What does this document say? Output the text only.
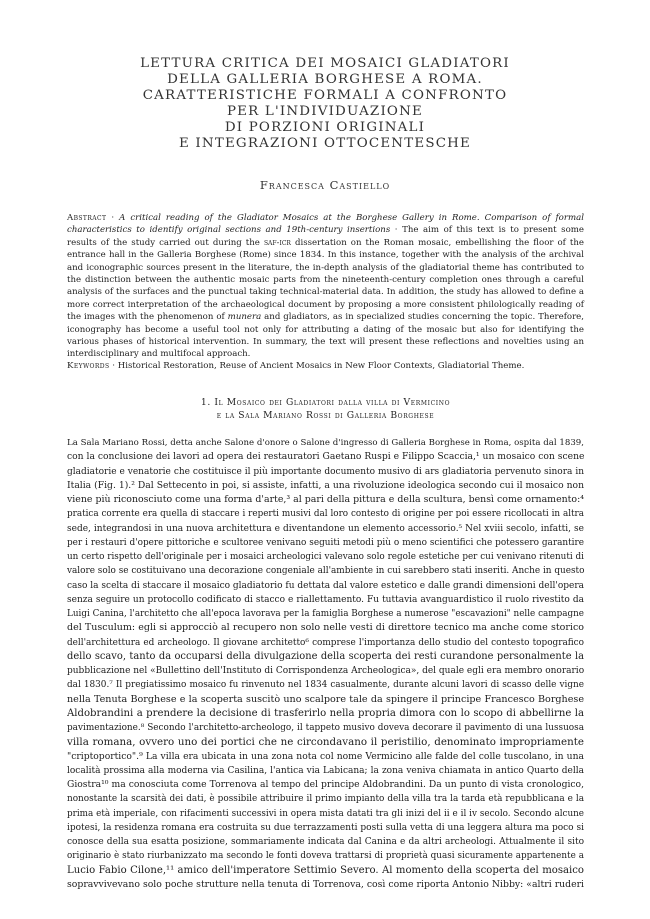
LETTURA CRITICA DEI MOSAICI GLADIATORI
DELLA GALLERIA BORGHESE A ROMA.
CARATTERISTICHE FORMALI A CONFRONTO
PER L'INDIVIDUAZIONE
DI PORZIONI ORIGINALI
E INTEGRAZIONI OTTOCENTESCHE
Francesca Castiello
Abstract · A critical reading of the Gladiator Mosaics at the Borghese Gallery in Rome. Comparison of formal characteristics to identify original sections and 19th-century insertions · The aim of this text is to present some results of the study carried out during the saf-icr dissertation on the Roman mosaic, embellishing the floor of the entrance hall in the Galleria Borghese (Rome) since 1834. In this instance, together with the analysis of the archival and iconographic sources present in the literature, the in-depth analysis of the gladiatorial theme has contributed to the distinction between the authentic mosaic parts from the nineteenth-century completion ones through a careful analysis of the surfaces and the punctual taking technical-material data. In addition, the study has allowed to define a more correct interpretation of the archaeological document by proposing a more consistent philologically reading of the images with the phenomenon of munera and gladiators, as in specialized studies concerning the topic. Therefore, iconography has become a useful tool not only for attributing a dating of the mosaic but also for identifying the various phases of historical intervention. In summary, the text will present these reflections and novelties using an interdisciplinary and multifocal approach.
Keywords · Historical Restoration, Reuse of Ancient Mosaics in New Floor Contexts, Gladiatorial Theme.
1. Il Mosaico dei Gladiatori dalla villa di Vermicino
e la Sala Mariano Rossi di Galleria Borghese
La Sala Mariano Rossi, detta anche Salone d'onore o Salone d'ingresso di Galleria Borghese in Roma, ospita dal 1839,
con la conclusione dei lavori ad opera dei restauratori Gaetano Ruspi e Filippo Scaccia,¹ un mosaico con scene
gladiatorie e venatorie che costituisce il più importante documento musivo di ars gladiatoria pervenuto sinora in
Italia (Fig. 1).² Dal Settecento in poi, si assiste, infatti, a una rivoluzione ideologica secondo cui il mosaico non
viene più riconosciuto come una forma d'arte,³ al pari della pittura e della scultura, bensì come ornamento:⁴
pratica corrente era quella di staccare i reperti musivi dal loro contesto di origine per poi essere ricollocati in altra
sede, integrandosi in una nuova architettura e diventandone un elemento accessorio.⁵ Nel xviii secolo, infatti, se
per i restauri d'opere pittoriche e scultoree venivano seguiti metodi più o meno scientifici che potessero garantire
un certo rispetto dell'originale per i mosaici archeologici valevano solo regole estetiche per cui venivano ritenuti di
valore solo se costituivano una decorazione congeniale all'ambiente in cui sarebbero stati inseriti. Anche in questo
caso la scelta di staccare il mosaico gladiatorio fu dettata dal valore estetico e dalle grandi dimensioni dell'opera
senza seguire un protocollo codificato di stacco e riallettamento. Fu tuttavia avanguardistico il ruolo rivestito da
Luigi Canina, l'architetto che all'epoca lavorava per la famiglia Borghese a numerose "escavazioni" nelle campagne
del Tusculum: egli si approcciò al recupero non solo nelle vesti di direttore tecnico ma anche come storico
dell'architettura ed archeologo. Il giovane architetto⁶ comprese l'importanza dello studio del contesto topografico
dello scavo, tanto da occuparsi della divulgazione della scoperta dei resti curandone personalmente la
pubblicazione nel «Bullettino dell'Instituto di Corrispondenza Archeologica», del quale egli era membro onorario
dal 1830.⁷ Il pregiatissimo mosaico fu rinvenuto nel 1834 casualmente, durante alcuni lavori di scasso delle vigne
nella Tenuta Borghese e la scoperta suscitò uno scalpore tale da spingere il principe Francesco Borghese
Aldobrandini a prendere la decisione di trasferirlo nella propria dimora con lo scopo di abbellirne la
pavimentazione.⁸ Secondo l'architetto-archeologo, il tappeto musivo doveva decorare il pavimento di una lussuosa
villa romana, ovvero uno dei portici che ne circondavano il peristilio, denominato impropriamente
"criptoportico".⁹ La villa era ubicata in una zona nota col nome Vermicino alle falde del colle tuscolano, in una
località prossima alla moderna via Casilina, l'antica via Labicana; la zona veniva chiamata in antico Quarto della
Giostra¹⁰ ma conosciuta come Torrenova al tempo del principe Aldobrandini. Da un punto di vista cronologico,
nonostante la scarsità dei dati, è possibile attribuire il primo impianto della villa tra la tarda età repubblicana e la
prima età imperiale, con rifacimenti successivi in opera mista datati tra gli inizi del ii e il iv secolo. Secondo alcune
ipotesi, la residenza romana era costruita su due terrazzamenti posti sulla vetta di una leggera altura ma poco si
conosce della sua esatta posizione, sommariamente indicata dal Canina e da altri archeologi. Attualmente il sito
originario è stato riurbanizzato ma secondo le fonti doveva trattarsi di proprietà quasi sicuramente appartenente a
Lucio Fabio Cilone,¹¹ amico dell'imperatore Settimio Severo. Al momento della scoperta del mosaico
sopravvivevano solo poche strutture nella tenuta di Torrenova, così come riporta Antonio Nibby: «altri ruderi
